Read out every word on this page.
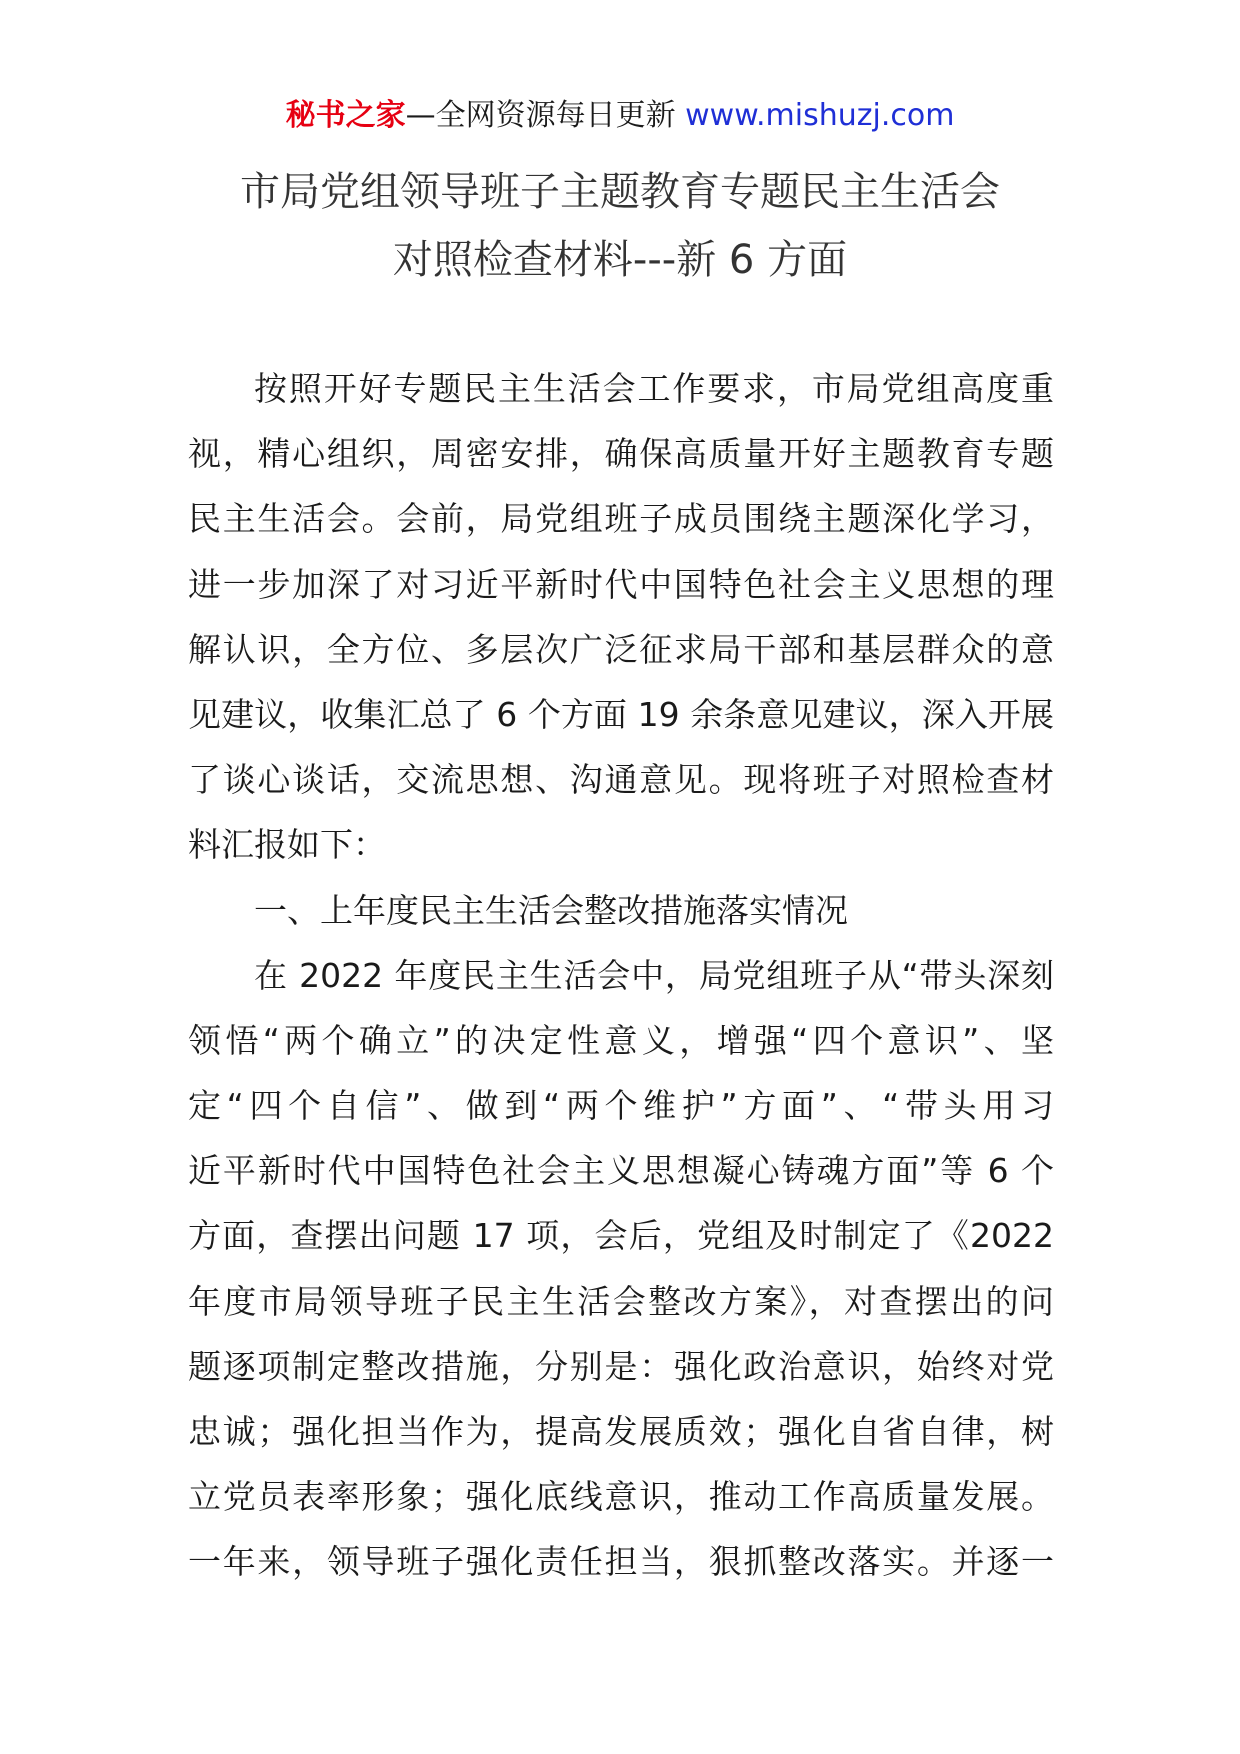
秘书之家—全网资源每日更新 www.mishuzj.com
市局党组领导班子主题教育专题民主生活会
对照检查材料---新 6 方面
按照开好专题民主生活会工作要求，市局党组高度重
视，精心组织，周密安排，确保高质量开好主题教育专题
民主生活会。会前，局党组班子成员围绕主题深化学习，
进一步加深了对习近平新时代中国特色社会主义思想的理
解认识，全方位、多层次广泛征求局干部和基层群众的意
见建议，收集汇总了 6 个方面 19 余条意见建议，深入开展
了谈心谈话，交流思想、沟通意见。现将班子对照检查材
料汇报如下：
一、上年度民主生活会整改措施落实情况
在 2022 年度民主生活会中，局党组班子从“带头深刻
领悟“两个确立”的决定性意义，增强“四个意识”、坚
定“四个自信”、做到“两个维护”方面”、“带头用习
近平新时代中国特色社会主义思想凝心铸魂方面”等 6 个
方面，查摆出问题 17 项，会后，党组及时制定了《2022
年度市局领导班子民主生活会整改方案》，对查摆出的问
题逐项制定整改措施，分别是：强化政治意识，始终对党
忠诚；强化担当作为，提高发展质效；强化自省自律，树
立党员表率形象；强化底线意识，推动工作高质量发展。
一年来，领导班子强化责任担当，狠抓整改落实。并逐一
